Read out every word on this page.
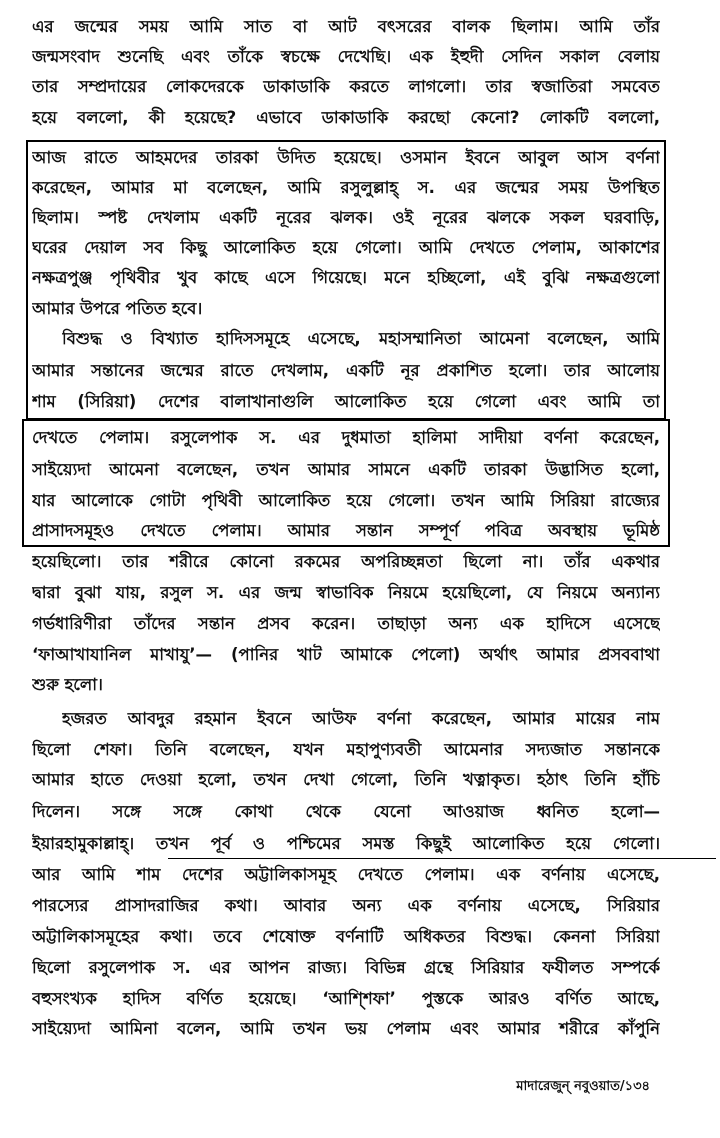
এর জন্মের সময় আমি সাত বা আট বৎসরের বালক ছিলাম। আমি তাঁর
জন্মসংবাদ শুনেছি এবং তাঁকে স্বচক্ষে দেখেছি। এক ইহুদী সেদিন সকাল বেলায়
তার সম্প্রদায়ের লোকদেরকে ডাকাডাকি করতে লাগলো। তার স্বজাতিরা সমবেত
হয়ে বললো, কী হয়েছে? এভাবে ডাকাডাকি করছো কেনো? লোকটি বললো,
আজ রাতে আহমদের তারকা উদিত হয়েছে। ওসমান ইবনে আবুল আস বর্ণনা
করেছেন, আমার মা বলেছেন, আমি রসুলুল্লাহ্ স. এর জন্মের সময় উপস্থিত
ছিলাম। স্পষ্ট দেখলাম একটি নূরের ঝলক। ওই নূরের ঝলকে সকল ঘরবাড়ি,
ঘরের দেয়াল সব কিছু আলোকিত হয়ে গেলো। আমি দেখতে পেলাম, আকাশের
নক্ষত্রপুঞ্জ পৃথিবীর খুব কাছে এসে গিয়েছে। মনে হচ্ছিলো, এই বুঝি নক্ষত্রগুলো
আমার উপরে পতিত হবে।
বিশুদ্ধ ও বিখ্যাত হাদিসসমূহে এসেছে, মহাসম্মানিতা আমেনা বলেছেন, আমি
আমার সন্তানের জন্মের রাতে দেখলাম, একটি নূর প্রকাশিত হলো। তার আলোয়
শাম (সিরিয়া) দেশের বালাখানাগুলি আলোকিত হয়ে গেলো এবং আমি তা
দেখতে পেলাম। রসুলেপাক স. এর দুধমাতা হালিমা সাদীয়া বর্ণনা করেছেন,
সাইয়্যেদা আমেনা বলেছেন, তখন আমার সামনে একটি তারকা উদ্ভাসিত হলো,
যার আলোকে গোটা পৃথিবী আলোকিত হয়ে গেলো। তখন আমি সিরিয়া রাজ্যের
প্রাসাদসমূহও দেখতে পেলাম। আমার সন্তান সম্পূর্ণ পবিত্র অবস্থায় ভূমিষ্ঠ
হয়েছিলো। তার শরীরে কোনো রকমের অপরিচ্ছন্নতা ছিলো না। তাঁর একথার
দ্বারা বুঝা যায়, রসুল স. এর জন্ম স্বাভাবিক নিয়মে হয়েছিলো, যে নিয়মে অন্যান্য
গর্ভধারিণীরা তাঁদের সন্তান প্রসব করেন। তাছাড়া অন্য এক হাদিসে এসেছে
‘ফাআখাযানিল মাখাযু’— (পানির খাট আমাকে পেলো) অর্থাৎ আমার প্রসববাথা
শুরু হলো।
হজরত আবদুর রহমান ইবনে আউফ বর্ণনা করেছেন, আমার মায়ের নাম
ছিলো শেফা। তিনি বলেছেন, যখন মহাপুণ্যবতী আমেনার সদ্যজাত সন্তানকে
আমার হাতে দেওয়া হলো, তখন দেখা গেলো, তিনি খত্নাকৃত। হঠাৎ তিনি হাঁচি
দিলেন। সঙ্গে সঙ্গে কোথা থেকে যেনো আওয়াজ ধ্বনিত হলো—
ইয়ারহামুকাল্লাহ্। তখন পূর্ব ও পশ্চিমের সমস্ত কিছুই আলোকিত হয়ে গেলো।
আর আমি শাম দেশের অট্টালিকাসমূহ দেখতে পেলাম। এক বর্ণনায় এসেছে,
পারস্যের প্রাসাদরাজির কথা। আবার অন্য এক বর্ণনায় এসেছে, সিরিয়ার
অট্টালিকাসমূহের কথা। তবে শেষোক্ত বর্ণনাটি অধিকতর বিশুদ্ধ। কেননা সিরিয়া
ছিলো রসুলেপাক স. এর আপন রাজ্য। বিভিন্ন গ্রন্থে সিরিয়ার ফযীলত সম্পর্কে
বহুসংখ্যক হাদিস বর্ণিত হয়েছে। ‘আশ্শিফা’ পুস্তকে আরও বর্ণিত আছে,
সাইয়্যেদা আমিনা বলেন, আমি তখন ভয় পেলাম এবং আমার শরীরে কাঁপুনি
মাদারেজুন্ নবুওয়াত/১৩৪
